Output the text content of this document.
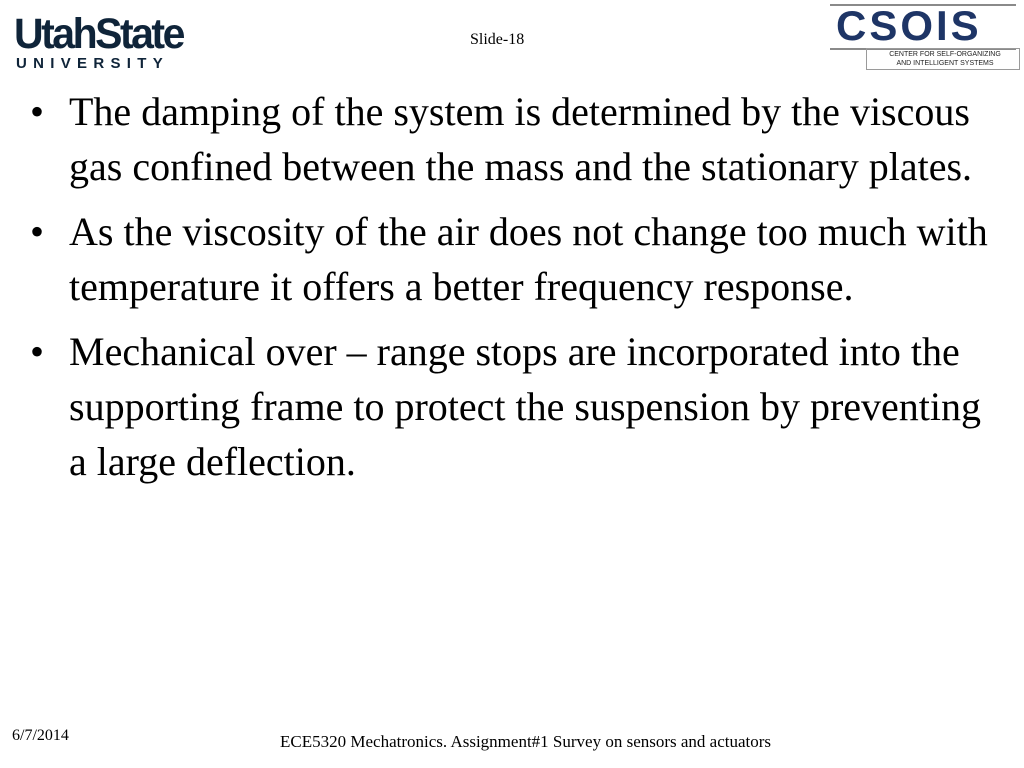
UtahState
UNIVERSITY
Slide-18	CSOIS
CENTER FOR SELF-ORGANIZING
AND INTELLIGENT SYSTEMS
• The damping of the system is determined by the viscous gas confined between the mass and the stationary plates.
• As the viscosity of the air does not change too much with temperature it offers a better frequency response.
• Mechanical over – range stops are incorporated into the supporting frame to protect the suspension by preventing a large deflection.
6/7/2014	ECE5320 Mechatronics. Assignment#1 Survey on sensors and actuators
